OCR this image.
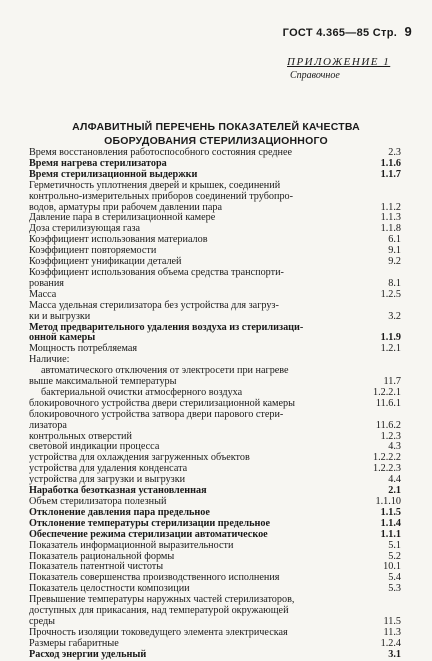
ГОСТ 4.365—85 Стр. 9
ПРИЛОЖЕНИЕ 1
Справочное
АЛФАВИТНЫЙ ПЕРЕЧЕНЬ ПОКАЗАТЕЛЕЙ КАЧЕСТВА
ОБОРУДОВАНИЯ СТЕРИЛИЗАЦИОННОГО
Время восстановления работоспособного состояния среднее	2.3
Время нагрева стерилизатора	1.1.6
Время стерилизационной выдержки	1.1.7
Герметичность уплотнения дверей и крышек, соединений
контрольно-измерительных приборов соединений трубопро-
водов, арматуры при рабочем давлении пара	1.1.2
Давление пара в стерилизационной камере	1.1.3
Доза стерилизующая газа	1.1.8
Коэффициент использования материалов	6.1
Коэффициент повторяемости	9.1
Коэффициент унификации деталей	9.2
Коэффициент использования объема средства транспорти-
рования	8.1
Масса	1.2.5
Масса удельная стерилизатора без устройства для загруз-
ки и выгрузки	3.2
Метод предварительного удаления воздуха из стерилизаци-
онной камеры	1.1.9
Мощность потребляемая	1.2.1
Наличие:
автоматического отключения от электросети при нагреве
выше максимальной температуры	11.7
бактериальной очистки атмосферного воздуха	1.2.2.1
блокировочного устройства двери стерилизационной камеры	11.6.1
блокировочного устройства затвора двери парового стери-
лизатора	11.6.2
контрольных отверстий	1.2.3
световой индикации процесса	4.3
устройства для охлаждения загруженных объектов	1.2.2.2
устройства для удаления конденсата	1.2.2.3
устройства для загрузки и выгрузки	4.4
Наработка безотказная установленная	2.1
Объем стерилизатора полезный	1.1.10
Отклонение давления пара предельное	1.1.5
Отклонение температуры стерилизации предельное	1.1.4
Обеспечение режима стерилизации автоматическое	1.1.1
Показатель информационной выразительности	5.1
Показатель рациональной формы	5.2
Показатель патентной чистоты	10.1
Показатель совершенства производственного исполнения	5.4
Показатель целостности композиции	5.3
Превышение температуры наружных частей стерилизаторов,
доступных для прикасания, над температурой окружающей
среды	11.5
Прочность изоляции токоведущего элемента электрическая	11.3
Размеры габаритные	1.2.4
Расход энергии удельный	3.1
